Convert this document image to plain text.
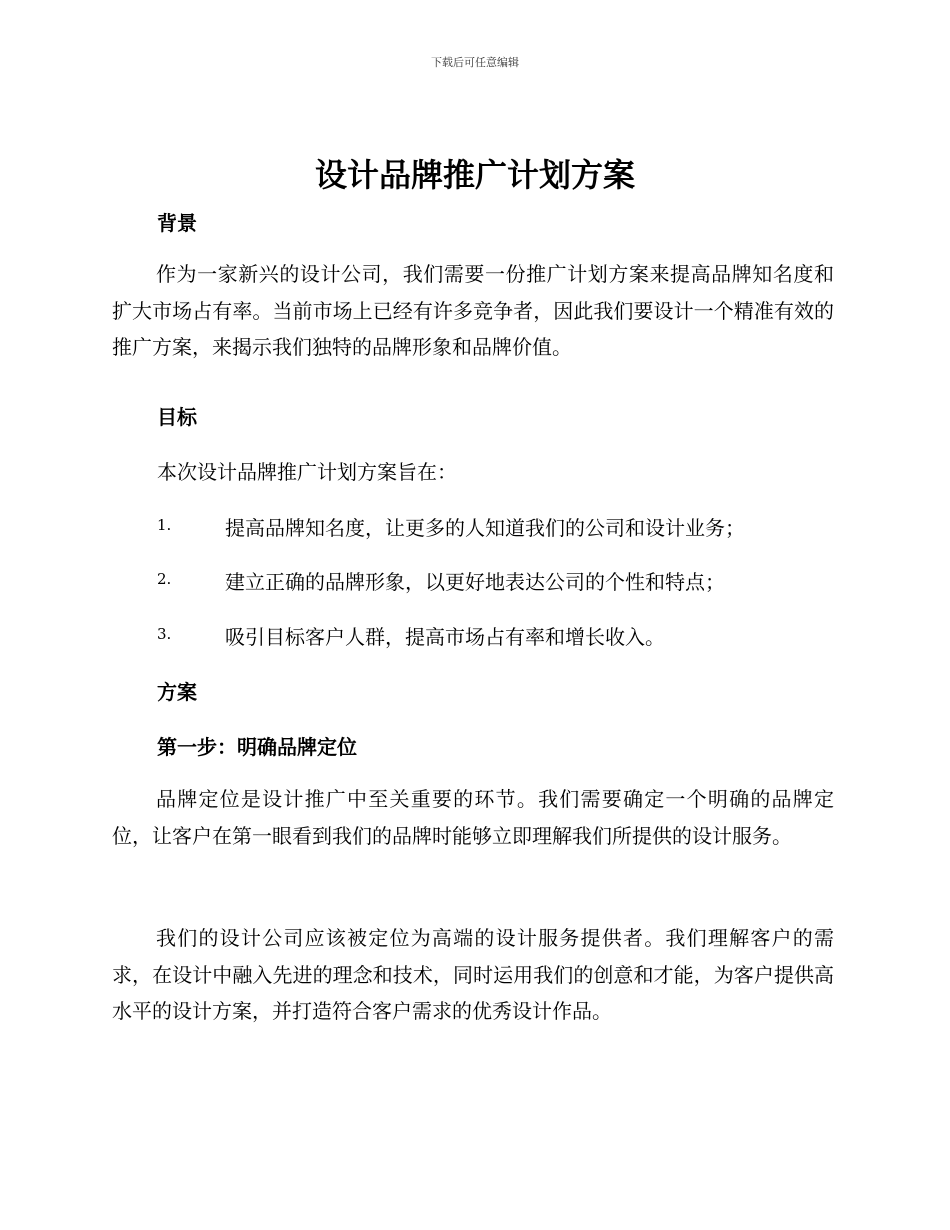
下载后可任意编辑
设计品牌推广计划方案
背景

作为一家新兴的设计公司，我们需要一份推广计划方案来提高品牌知名度和扩大市场占有率。当前市场上已经有许多竞争者，因此我们要设计一个精准有效的推广方案，来揭示我们独特的品牌形象和品牌价值。

目标

本次设计品牌推广计划方案旨在：

1.	提高品牌知名度，让更多的人知道我们的公司和设计业务；
2.	建立正确的品牌形象，以更好地表达公司的个性和特点；
3.	吸引目标客户人群，提高市场占有率和增长收入。
方案
第一步：明确品牌定位

品牌定位是设计推广中至关重要的环节。我们需要确定一个明确的品牌定位，让客户在第一眼看到我们的品牌时能够立即理解我们所提供的设计服务。

我们的设计公司应该被定位为高端的设计服务提供者。我们理解客户的需求，在设计中融入先进的理念和技术，同时运用我们的创意和才能，为客户提供高水平的设计方案，并打造符合客户需求的优秀设计作品。
